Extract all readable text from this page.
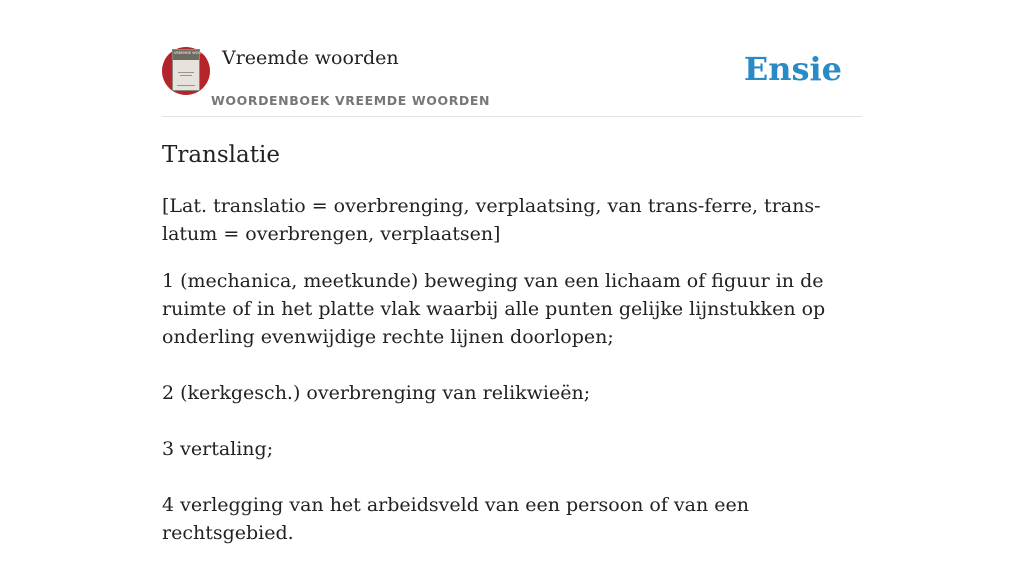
VREEMDE WOORDEN Vreemde woorden
WOORDENBOEK VREEMDE WOORDEN
Ensie
Translatie

[Lat. translatio = overbrenging, verplaatsing, van trans-ferre, trans-latum = overbrengen, verplaatsen]

1 (mechanica, meetkunde) beweging van een lichaam of figuur in de ruimte of in het platte vlak waarbij alle punten gelijke lijnstukken op onderling evenwijdige rechte lijnen doorlopen;
2 (kerkgesch.) overbrenging van relikwieën;
3 vertaling;
4 verlegging van het arbeidsveld van een persoon of van een rechtsgebied.
